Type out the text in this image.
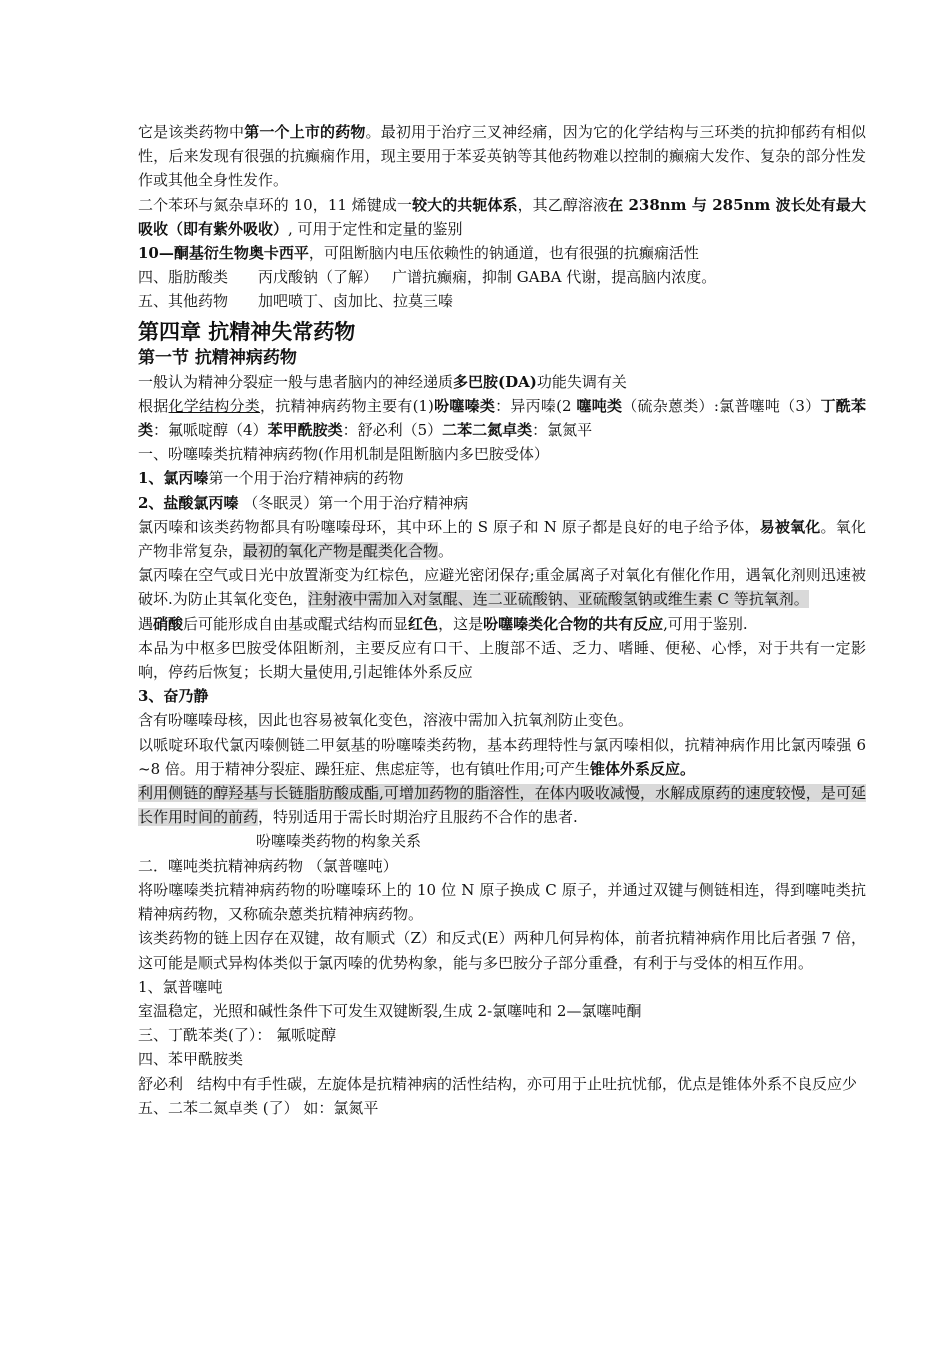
它是该类药物中第一个上市的药物。最初用于治疗三叉神经痛，因为它的化学结构与三环类的抗抑郁药有相似性，后来发现有很强的抗癫痫作用，现主要用于苯妥英钠等其他药物难以控制的癫痫大发作、复杂的部分性发作或其他全身性发作。

二个苯环与氮杂卓环的 10，11 烯键成一较大的共轭体系，其乙醇溶液在 238nm 与 285nm 波长处有最大吸收（即有紫外吸收）, 可用于定性和定量的鉴别

10—酮基衍生物奥卡西平，可阻断脑内电压依赖性的钠通道，也有很强的抗癫痫活性

四、脂肪酸类 丙戊酸钠（了解） 广谱抗癫痫，抑制 GABA 代谢，提高脑内浓度。

五、其他药物 加吧喷丁、卤加比、拉莫三嗪

第四章 抗精神失常药物
第一节 抗精神病药物

一般认为精神分裂症一般与患者脑内的神经递质多巴胺(DA)功能失调有关

根据化学结构分类，抗精神病药物主要有(1)吩噻嗪类：异丙嗪(2 噻吨类（硫杂蒽类）:氯普噻吨（3）丁酰苯类：氟哌啶醇（4）苯甲酰胺类：舒必利（5）二苯二氮卓类：氯氮平

一、吩噻嗪类抗精神病药物(作用机制是阻断脑内多巴胺受体）

1、氯丙嗪第一个用于治疗精神病的药物

2、盐酸氯丙嗪 （冬眠灵）第一个用于治疗精神病

氯丙嗪和该类药物都具有吩噻嗪母环，其中环上的 S 原子和 N 原子都是良好的电子给予体，易被氧化。氧化产物非常复杂，最初的氧化产物是醌类化合物。

氯丙嗪在空气或日光中放置渐变为红棕色，应避光密闭保存;重金属离子对氧化有催化作用，遇氧化剂则迅速被破坏.为防止其氧化变色，注射液中需加入对氢醌、连二亚硫酸钠、亚硫酸氢钠或维生素 C 等抗氧剂。

遇硝酸后可能形成自由基或醌式结构而显红色，这是吩噻嗪类化合物的共有反应,可用于鉴别.

本品为中枢多巴胺受体阻断剂，主要反应有口干、上腹部不适、乏力、嗜睡、便秘、心悸，对于共有一定影响，停药后恢复；长期大量使用,引起锥体外系反应

3、奋乃静

含有吩噻嗪母核，因此也容易被氧化变色，溶液中需加入抗氧剂防止变色。

以哌啶环取代氯丙嗪侧链二甲氨基的吩噻嗪类药物，基本药理特性与氯丙嗪相似，抗精神病作用比氯丙嗪强 6~8 倍。用于精神分裂症、躁狂症、焦虑症等，也有镇吐作用;可产生锥体外系反应。

利用侧链的醇羟基与长链脂肪酸成酯,可增加药物的脂溶性，在体内吸收减慢，水解成原药的速度较慢，是可延长作用时间的前药，特别适用于需长时期治疗且服药不合作的患者.

吩噻嗪类药物的构象关系

二．噻吨类抗精神病药物 （氯普噻吨）

将吩噻嗪类抗精神病药物的吩噻嗪环上的 10 位 N 原子换成 C 原子，并通过双键与侧链相连，得到噻吨类抗精神病药物，又称硫杂蒽类抗精神病药物。

该类药物的链上因存在双键，故有顺式（Z）和反式(E）两种几何异构体，前者抗精神病作用比后者强 7 倍，这可能是顺式异构体类似于氯丙嗪的优势构象，能与多巴胺分子部分重叠，有利于与受体的相互作用。

1、氯普噻吨

室温稳定，光照和碱性条件下可发生双键断裂,生成 2-氯噻吨和 2—氯噻吨酮

三、丁酰苯类(了）： 氟哌啶醇

四、苯甲酰胺类

舒必利 结构中有手性碳，左旋体是抗精神病的活性结构，亦可用于止吐抗忧郁，优点是锥体外系不良反应少

五、二苯二氮卓类 (了） 如：氯氮平
